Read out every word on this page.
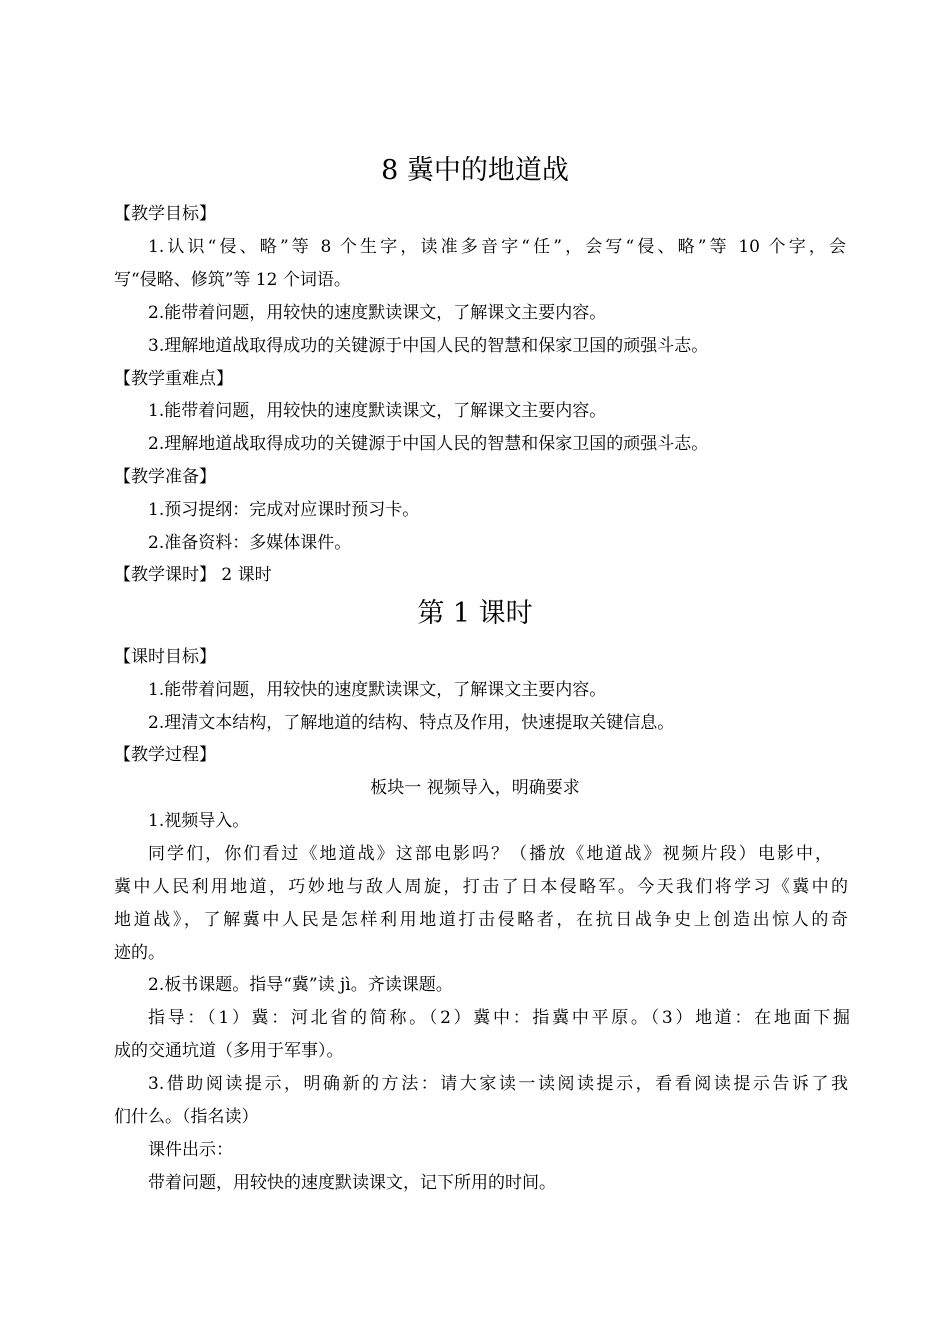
8 冀中的地道战
【教学目标】
1.认识“侵、略”等 8 个生字，读准多音字“任”，会写“侵、略”等 10 个字，会
写“侵略、修筑”等 12 个词语。
2.能带着问题，用较快的速度默读课文，了解课文主要内容。
3.理解地道战取得成功的关键源于中国人民的智慧和保家卫国的顽强斗志。
【教学重难点】
1.能带着问题，用较快的速度默读课文，了解课文主要内容。
2.理解地道战取得成功的关键源于中国人民的智慧和保家卫国的顽强斗志。
【教学准备】
1.预习提纲：完成对应课时预习卡。
2.准备资料：多媒体课件。
【教学课时】 2 课时
第 1 课时
【课时目标】
1.能带着问题，用较快的速度默读课文，了解课文主要内容。
2.理清文本结构，了解地道的结构、特点及作用，快速提取关键信息。
【教学过程】
板块一 视频导入，明确要求
1.视频导入。
同学们，你们看过《地道战》这部电影吗？（播放《地道战》视频片段）电影中，
冀中人民利用地道，巧妙地与敌人周旋，打击了日本侵略军。今天我们将学习《冀中的
地道战》，了解冀中人民是怎样利用地道打击侵略者，在抗日战争史上创造出惊人的奇
迹的。
2.板书课题。指导“冀”读 jì。齐读课题。
指导：（1）冀：河北省的简称。（2）冀中：指冀中平原。（3）地道：在地面下掘
成的交通坑道（多用于军事）。
3.借助阅读提示，明确新的方法：请大家读一读阅读提示，看看阅读提示告诉了我
们什么。（指名读）
课件出示：
带着问题，用较快的速度默读课文，记下所用的时间。
